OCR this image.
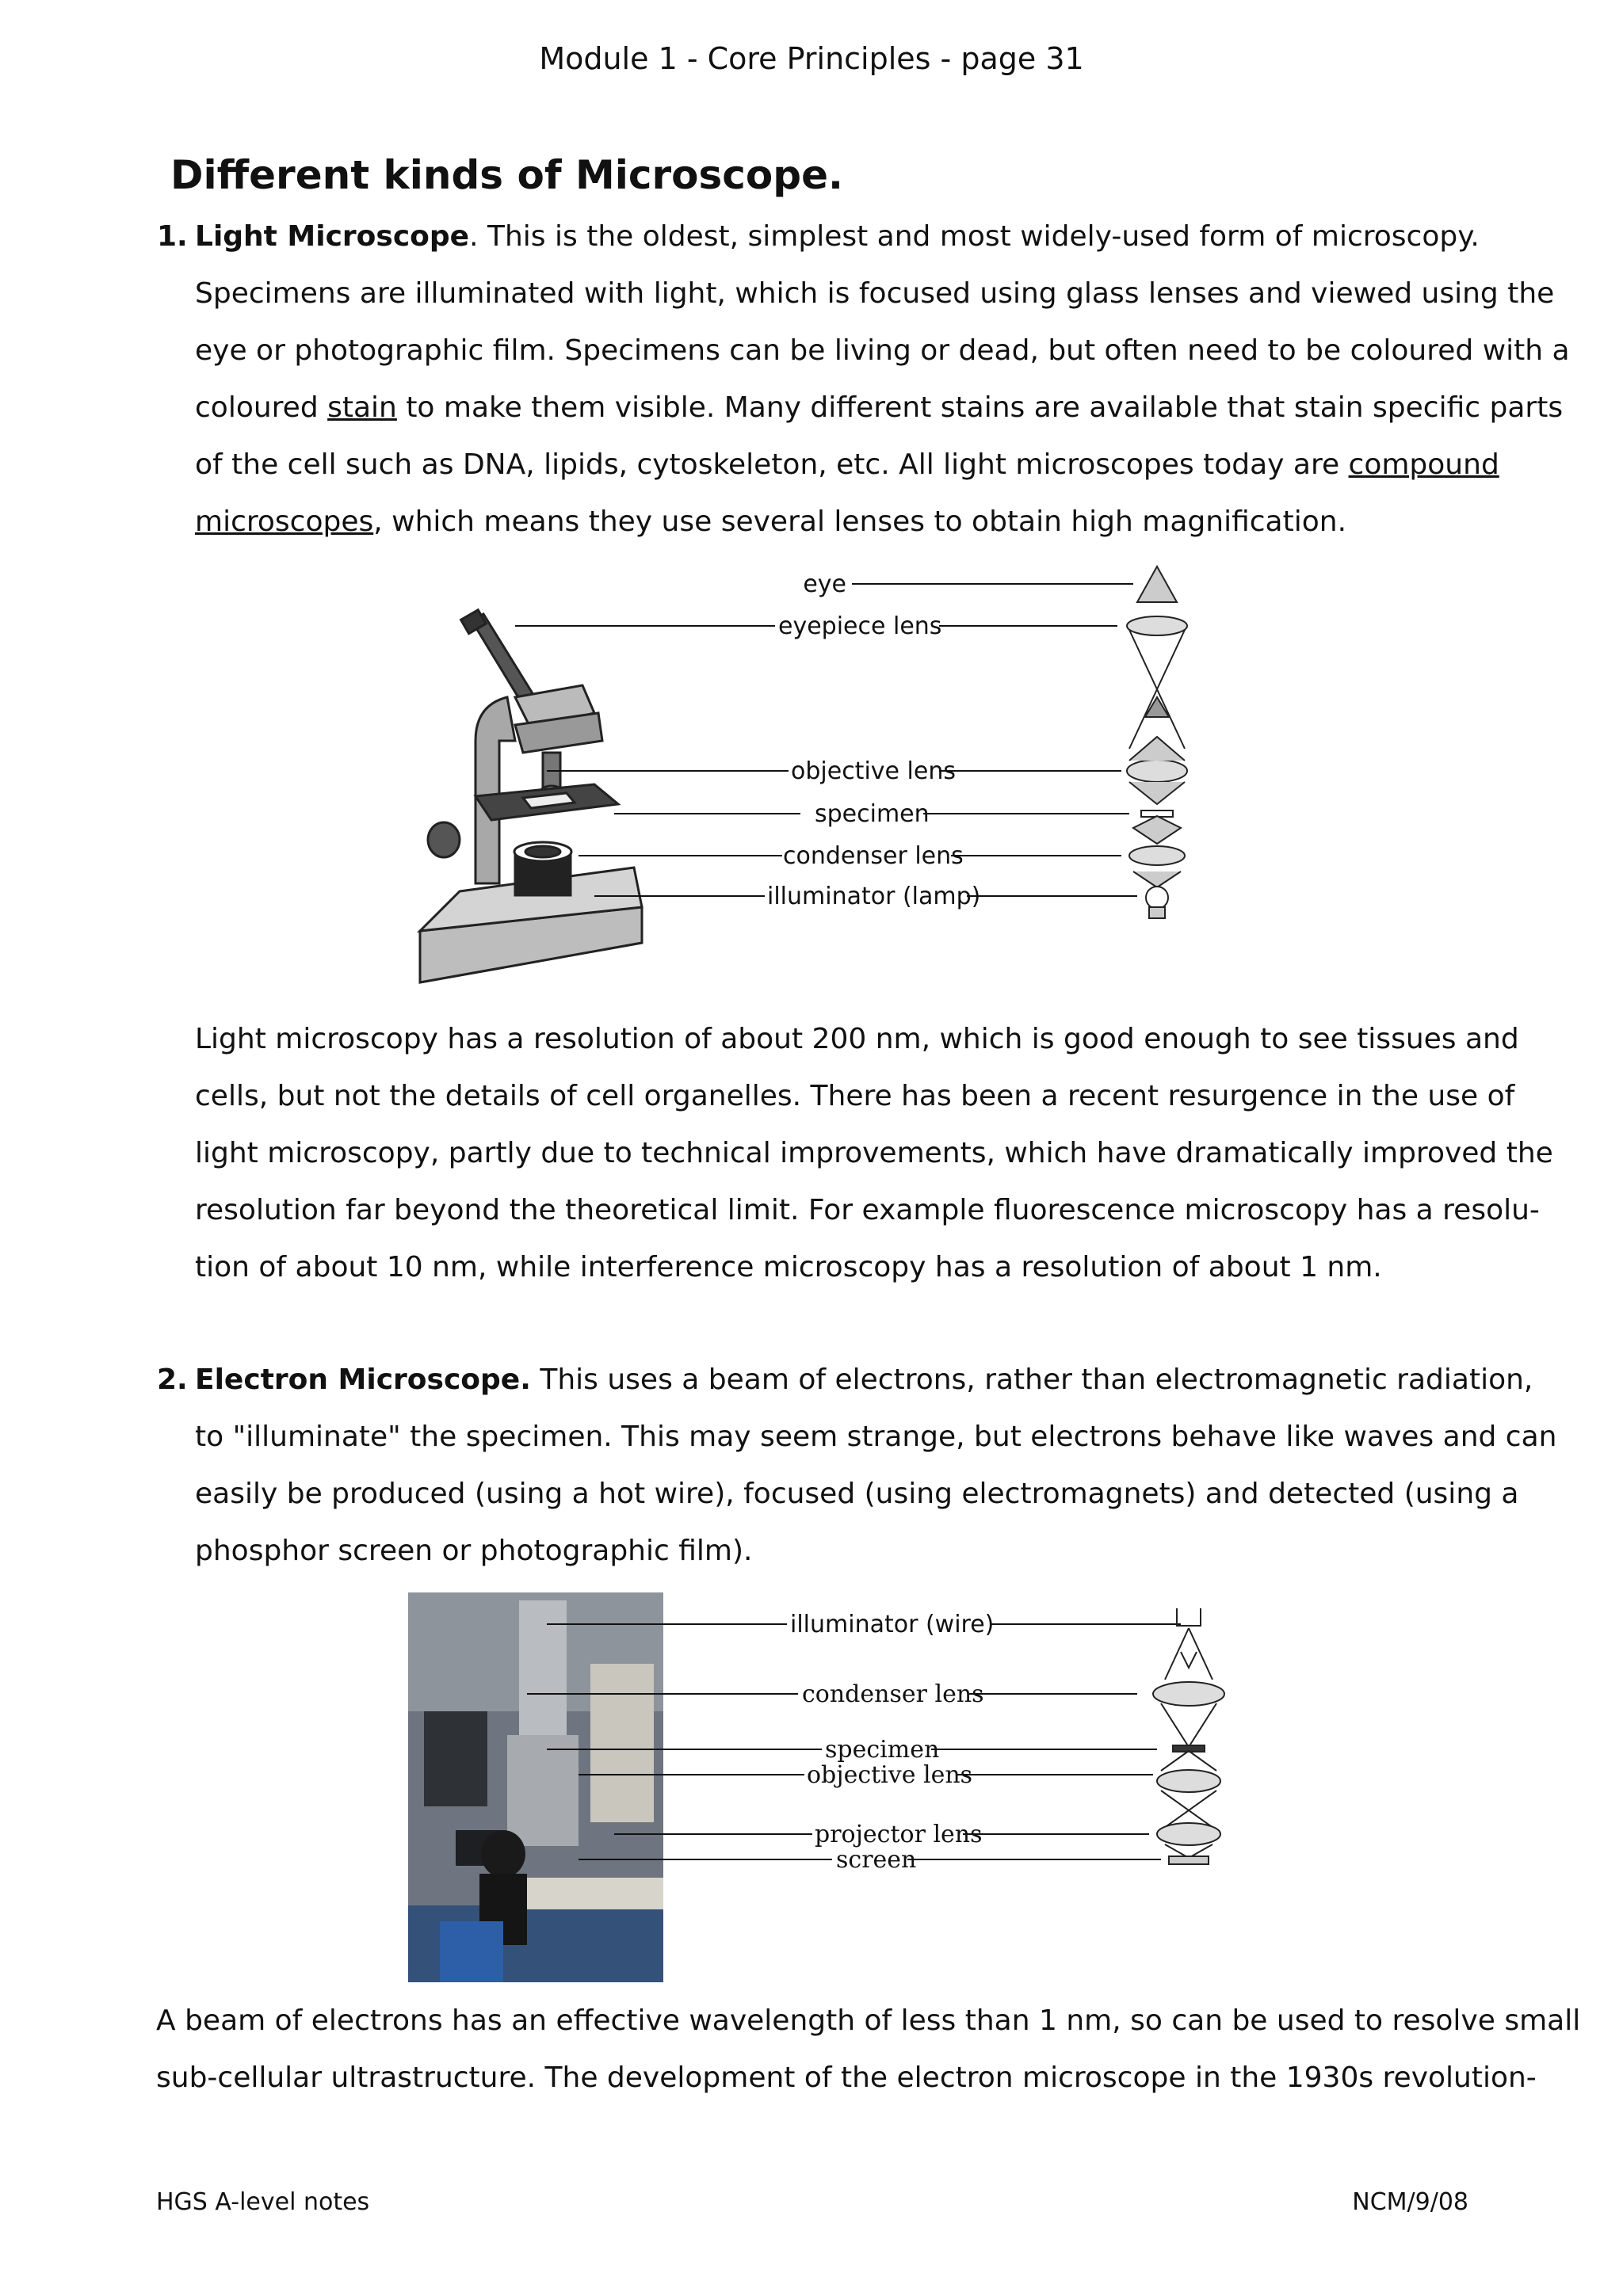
Module 1 - Core Principles - page 31
Different kinds of Microscope.
1. Light Microscope. This is the oldest, simplest and most widely-used form of microscopy.
Specimens are illuminated with light, which is focused using glass lenses and viewed using the
eye or photographic film. Specimens can be living or dead, but often need to be coloured with a
coloured stain to make them visible. Many different stains are available that stain specific parts
of the cell such as DNA, lipids, cytoskeleton, etc. All light microscopes today are compound
microscopes, which means they use several lenses to obtain high magnification.
eye
eyepiece lens
objective lens
specimen
condenser lens
illuminator (lamp)
Light microscopy has a resolution of about 200 nm, which is good enough to see tissues and
cells, but not the details of cell organelles. There has been a recent resurgence in the use of
light microscopy, partly due to technical improvements, which have dramatically improved the
resolution far beyond the theoretical limit. For example fluorescence microscopy has a resolu-
tion of about 10 nm, while interference microscopy has a resolution of about 1 nm.
2. Electron Microscope. This uses a beam of electrons, rather than electromagnetic radiation,
to "illuminate" the specimen. This may seem strange, but electrons behave like waves and can
easily be produced (using a hot wire), focused (using electromagnets) and detected (using a
phosphor screen or photographic film).
illuminator (wire)
condenser lens
specimen
objective lens
projector lens
screen
A beam of electrons has an effective wavelength of less than 1 nm, so can be used to resolve small
sub-cellular ultrastructure. The development of the electron microscope in the 1930s revolution-
HGS A-level notes	NCM/9/08
